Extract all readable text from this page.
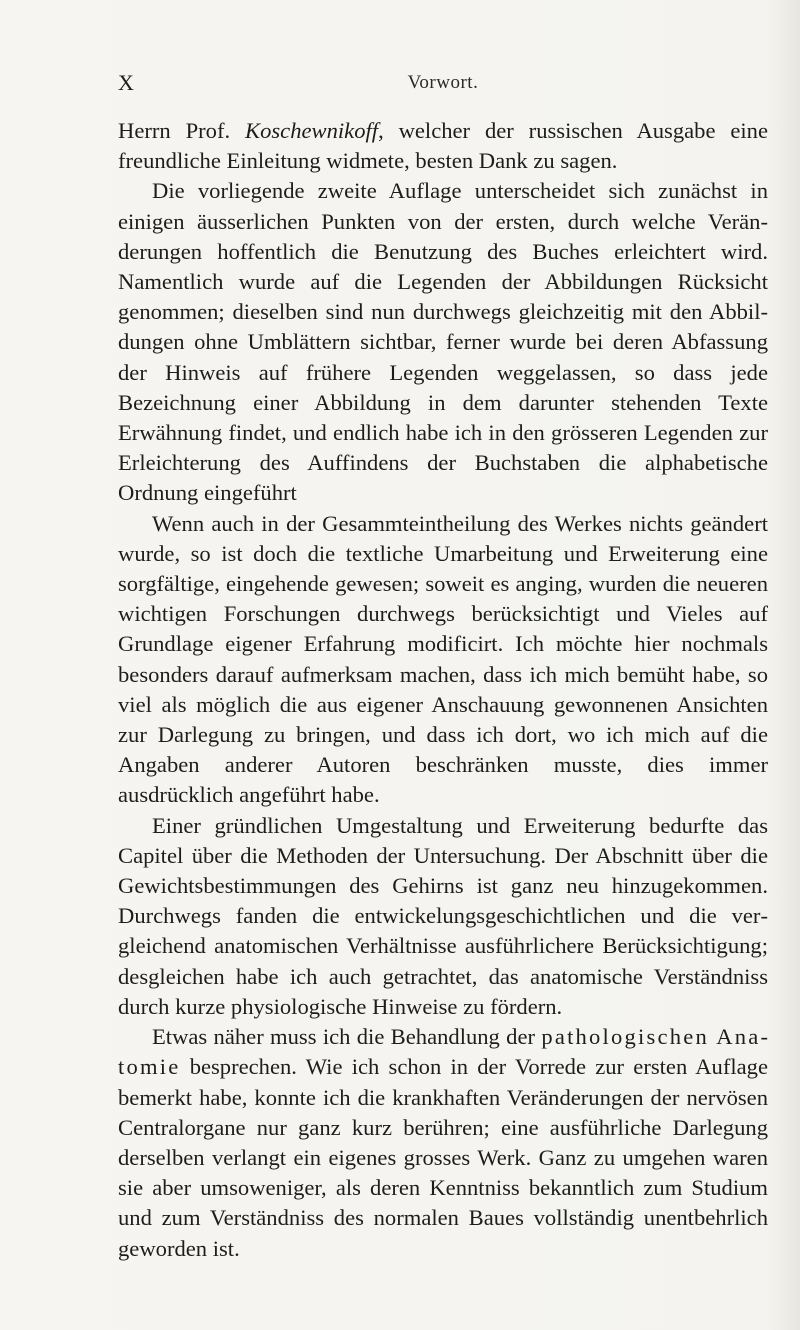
X	Vorwort.

Herrn Prof. Koschewnikoff, welcher der russischen Ausgabe eine freundliche Einleitung widmete, besten Dank zu sagen.

Die vorliegende zweite Auflage unterscheidet sich zunächst in einigen äusserlichen Punkten von der ersten, durch welche Veränderungen hoffentlich die Benutzung des Buches erleichtert wird. Namentlich wurde auf die Legenden der Abbildungen Rücksicht genommen; dieselben sind nun durchwegs gleichzeitig mit den Abbildungen ohne Umblättern sichtbar, ferner wurde bei deren Abfassung der Hinweis auf frühere Legenden weggelassen, so dass jede Bezeichnung einer Abbildung in dem darunter stehenden Texte Erwähnung findet, und endlich habe ich in den grösseren Legenden zur Erleichterung des Auffindens der Buchstaben die alphabetische Ordnung eingeführt

Wenn auch in der Gesammteintheilung des Werkes nichts geändert wurde, so ist doch die textliche Umarbeitung und Erweiterung eine sorgfältige, eingehende gewesen; soweit es anging, wurden die neueren wichtigen Forschungen durchwegs berücksichtigt und Vieles auf Grundlage eigener Erfahrung modificirt. Ich möchte hier nochmals besonders darauf aufmerksam machen, dass ich mich bemüht habe, so viel als möglich die aus eigener Anschauung gewonnenen Ansichten zur Darlegung zu bringen, und dass ich dort, wo ich mich auf die Angaben anderer Autoren beschränken musste, dies immer ausdrücklich angeführt habe.

Einer gründlichen Umgestaltung und Erweiterung bedurfte das Capitel über die Methoden der Untersuchung. Der Abschnitt über die Gewichtsbestimmungen des Gehirns ist ganz neu hinzugekommen. Durchwegs fanden die entwickelungsgeschichtlichen und die vergleichend anatomischen Verhältnisse ausführlichere Berücksichtigung; desgleichen habe ich auch getrachtet, das anatomische Verständniss durch kurze physiologische Hinweise zu fördern.

Etwas näher muss ich die Behandlung der pathologischen Anatomie besprechen. Wie ich schon in der Vorrede zur ersten Auflage bemerkt habe, konnte ich die krankhaften Veränderungen der nervösen Centralorgane nur ganz kurz berühren; eine ausführliche Darlegung derselben verlangt ein eigenes grosses Werk. Ganz zu umgehen waren sie aber umsoweniger, als deren Kenntniss bekanntlich zum Studium und zum Verständniss des normalen Baues vollständig unentbehrlich geworden ist.
